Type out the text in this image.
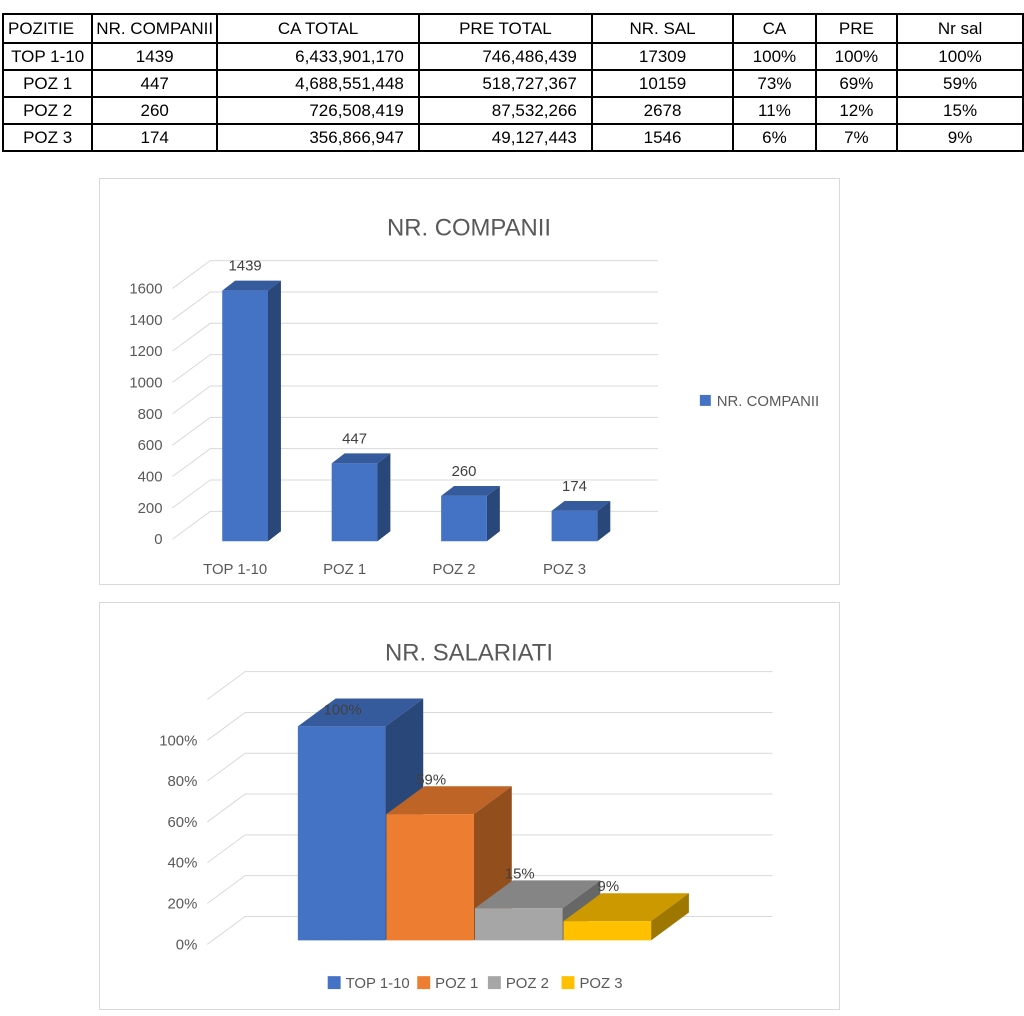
POZITIE	NR. COMPANII	CA TOTAL	PRE TOTAL	NR. SAL	CA	PRE	Nr sal
TOP 1-10	1439	6,433,901,170	746,486,439	17309	100%	100%	100%
POZ 1	447	4,688,551,448	518,727,367	10159	73%	69%	59%
POZ 2	260	726,508,419	87,532,266	2678	11%	12%	15%
POZ 3	174	356,866,947	49,127,443	1546	6%	7%	9%
0
200
400
600
800
1000
1200
1400
1600
1439
447
260
174
TOP 1-10	POZ 1	POZ 2	POZ 3
NR. COMPANII
NR. COMPANII
0%
20%
40%
60%
80%
100%
100%
59%
15%
9%
NR. SALARIATI
TOP 1-10 POZ 1 POZ 2 POZ 3
